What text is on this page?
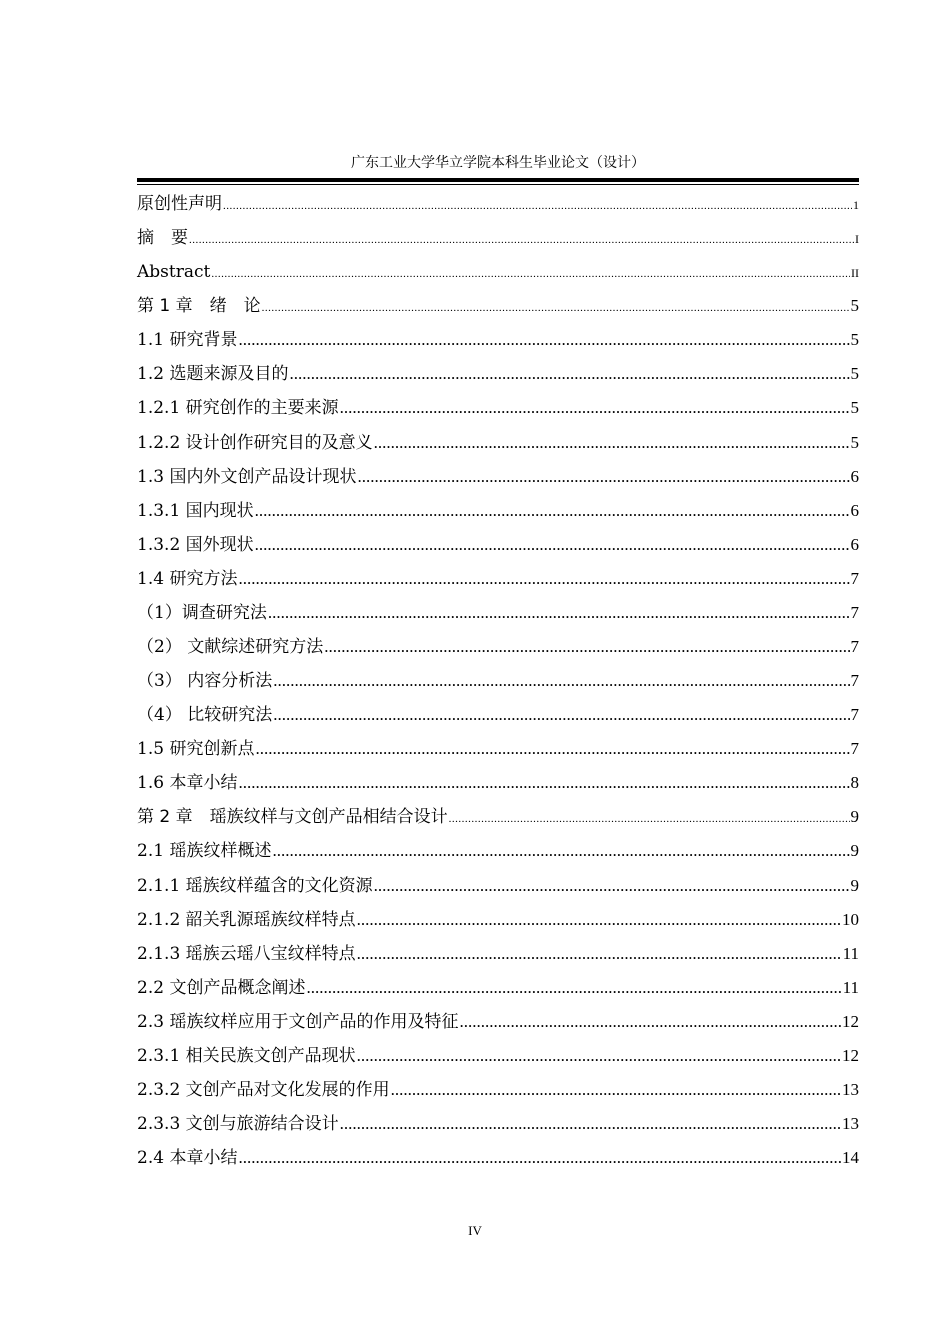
广东工业大学华立学院本科生毕业论文（设计）
原创性声明 .....	1
摘　要 .....	I
Abstract .....	II
第 1 章　绪　论 .....	5
1.1 研究背景 .....	5
1.2 选题来源及目的 .....	5
1.2.1 研究创作的主要来源 .....	5
1.2.2 设计创作研究目的及意义 .....	5
1.3 国内外文创产品设计现状 .....	6
1.3.1 国内现状 .....	6
1.3.2 国外现状 .....	6
1.4 研究方法 .....	7
（1）调查研究法 .....	7
（2） 文献综述研究方法 .....	7
（3） 内容分析法 .....	7
（4） 比较研究法 .....	7
1.5 研究创新点 .....	7
1.6 本章小结 .....	8
第 2 章　瑶族纹样与文创产品相结合设计 .....	9
2.1 瑶族纹样概述 .....	9
2.1.1 瑶族纹样蕴含的文化资源 .....	9
2.1.2 韶关乳源瑶族纹样特点 .....	10
2.1.3 瑶族云瑶八宝纹样特点 .....	11
2.2 文创产品概念阐述 .....	11
2.3 瑶族纹样应用于文创产品的作用及特征 .....	12
2.3.1 相关民族文创产品现状 .....	12
2.3.2 文创产品对文化发展的作用 .....	13
2.3.3 文创与旅游结合设计 .....	13
2.4 本章小结 .....	14
IV
